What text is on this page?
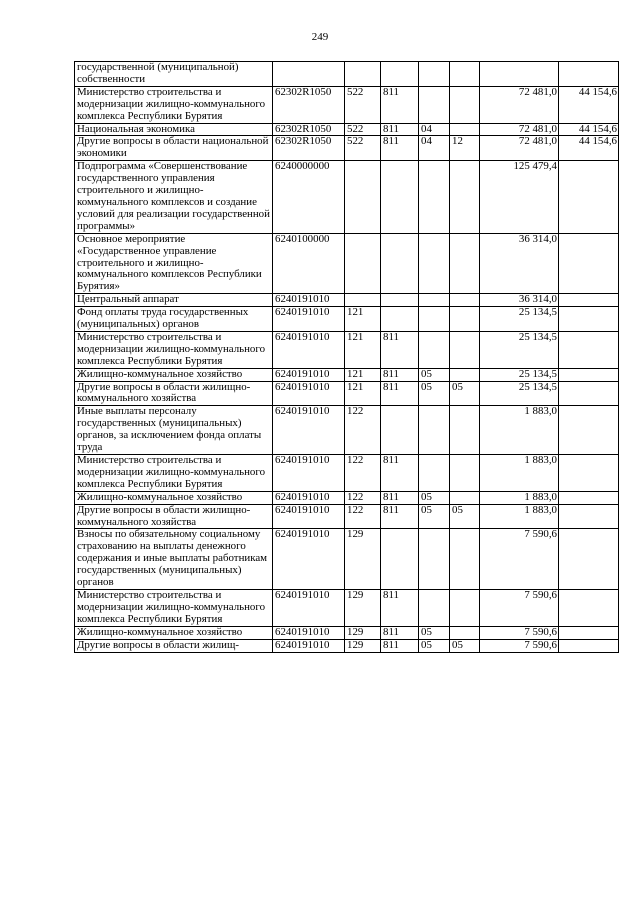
249
государственной (муниципальной) собственности							
Министерство строительства и модернизации жилищно-коммунального комплекса Республики Бурятия	62302R1050	522	811			72 481,0	44 154,6
Национальная экономика	62302R1050	522	811	04		72 481,0	44 154,6
Другие вопросы в области национальной экономики	62302R1050	522	811	04	12	72 481,0	44 154,6
Подпрограмма «Совершенствование государственного управления строительного и жилищно-коммунального комплексов и создание условий для реализации государственной программы»	6240000000					125 479,4	
Основное мероприятие «Государственное управление строительного и жилищно-коммунального комплексов Республики Бурятия»	6240100000					36 314,0	
Центральный аппарат	6240191010					36 314,0	
Фонд оплаты труда государственных (муниципальных) органов	6240191010	121				25 134,5	
Министерство строительства и модернизации жилищно-коммунального комплекса Республики Бурятия	6240191010	121	811			25 134,5	
Жилищно-коммунальное хозяйство	6240191010	121	811	05		25 134,5	
Другие вопросы в области жилищно-коммунального хозяйства	6240191010	121	811	05	05	25 134,5	
Иные выплаты персоналу государственных (муниципальных) органов, за исключением фонда оплаты труда	6240191010	122				1 883,0	
Министерство строительства и модернизации жилищно-коммунального комплекса Республики Бурятия	6240191010	122	811			1 883,0	
Жилищно-коммунальное хозяйство	6240191010	122	811	05		1 883,0	
Другие вопросы в области жилищно-коммунального хозяйства	6240191010	122	811	05	05	1 883,0	
Взносы по обязательному социальному страхованию на выплаты денежного содержания и иные выплаты работникам государственных (муниципальных) органов	6240191010	129				7 590,6	
Министерство строительства и модернизации жилищно-коммунального комплекса Республики Бурятия	6240191010	129	811			7 590,6	
Жилищно-коммунальное хозяйство	6240191010	129	811	05		7 590,6	
Другие вопросы в области жилищ-	6240191010	129	811	05	05	7 590,6	
